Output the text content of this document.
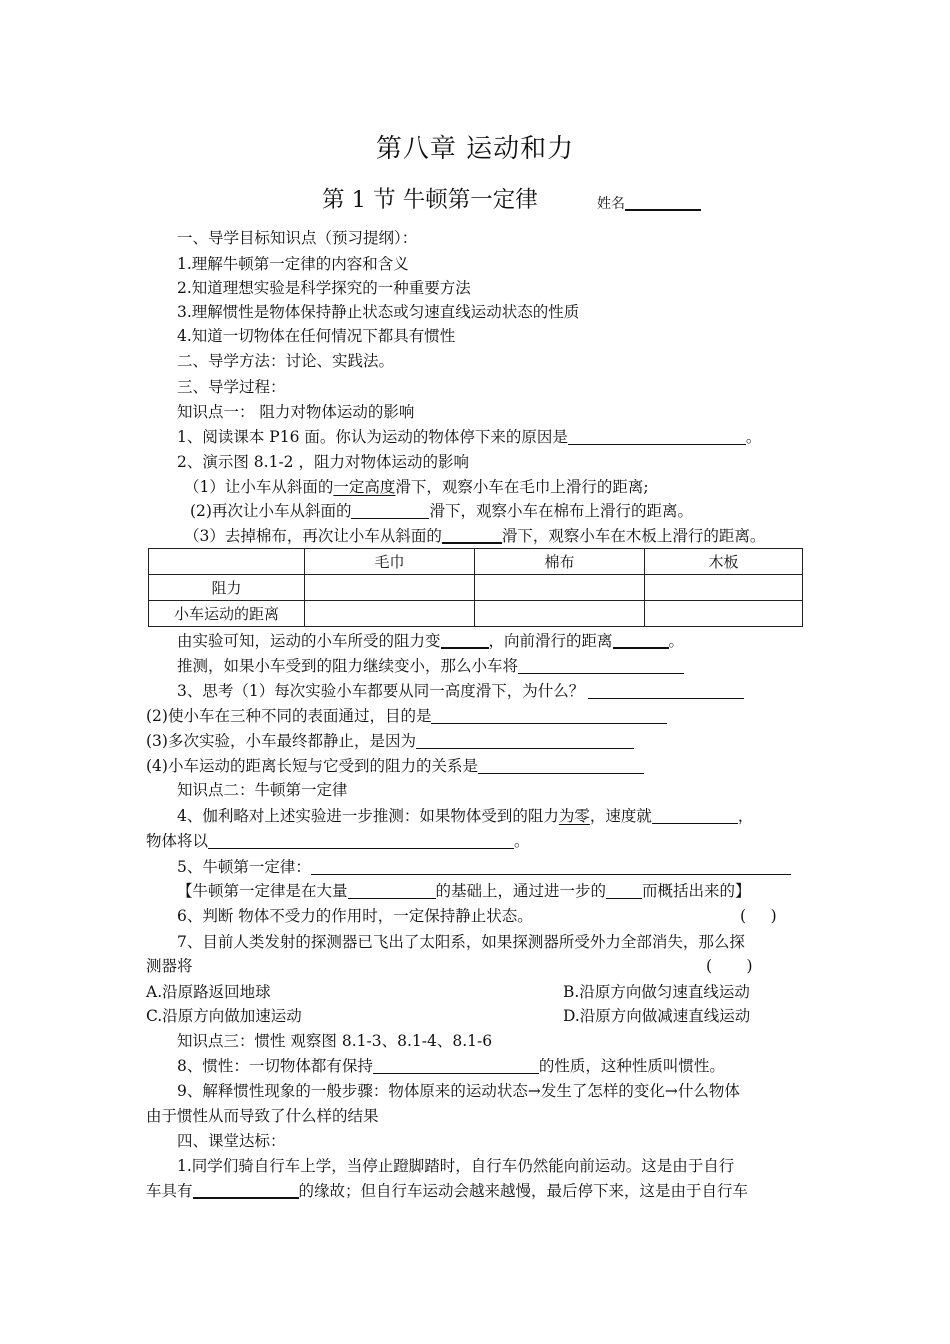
第八章 运动和力
第 1 节 牛顿第一定律	姓名
一、导学目标知识点（预习提纲）：
1.理解牛顿第一定律的内容和含义
2.知道理想实验是科学探究的一种重要方法
3.理解惯性是物体保持静止状态或匀速直线运动状态的性质
4.知道一切物体在任何情况下都具有惯性
二、导学方法：讨论、实践法。
三、导学过程：
知识点一： 阻力对物体运动的影响
1、阅读课本 P16 面。你认为运动的物体停下来的原因是	。
2、演示图 8.1-2 ，阻力对物体运动的影响
（1）让小车从斜面的一定高度滑下，观察小车在毛巾上滑行的距离;
(2)再次让小车从斜面的	滑下，观察小车在棉布上滑行的距离。
（3）去掉棉布，再次让小车从斜面的	滑下，观察小车在木板上滑行的距离。
	毛巾	棉布	木板
阻力			
小车运动的距离			
由实验可知，运动的小车所受的阻力变	，向前滑行的距离	。
推测，如果小车受到的阻力继续变小，那么小车将
3、思考（1）每次实验小车都要从同一高度滑下，为什么？
(2)使小车在三种不同的表面通过，目的是
(3)多次实验，小车最终都静止，是因为
(4)小车运动的距离长短与它受到的阻力的关系是
知识点二：牛顿第一定律
4、伽利略对上述实验进一步推测：如果物体受到的阻力为零，速度就	，
物体将以	。
5、牛顿第一定律：
【牛顿第一定律是在大量	的基础上，通过进一步的 而概括出来的】
6、判断 物体不受力的作用时，一定保持静止状态。	(     )
7、目前人类发射的探测器已飞出了太阳系，如果探测器所受外力全部消失，那么探
测器将	(       )
A.沿原路返回地球	B.沿原方向做匀速直线运动
C.沿原方向做加速运动	D.沿原方向做减速直线运动
知识点三：惯性 观察图 8.1-3、8.1-4、8.1-6
8、惯性：一切物体都有保持	的性质，这种性质叫惯性。
9、解释惯性现象的一般步骤：物体原来的运动状态→发生了怎样的变化→什么物体
由于惯性从而导致了什么样的结果
四、课堂达标：
1.同学们骑自行车上学，当停止蹬脚踏时，自行车仍然能向前运动。这是由于自行
车具有	的缘故；但自行车运动会越来越慢，最后停下来，这是由于自行车
